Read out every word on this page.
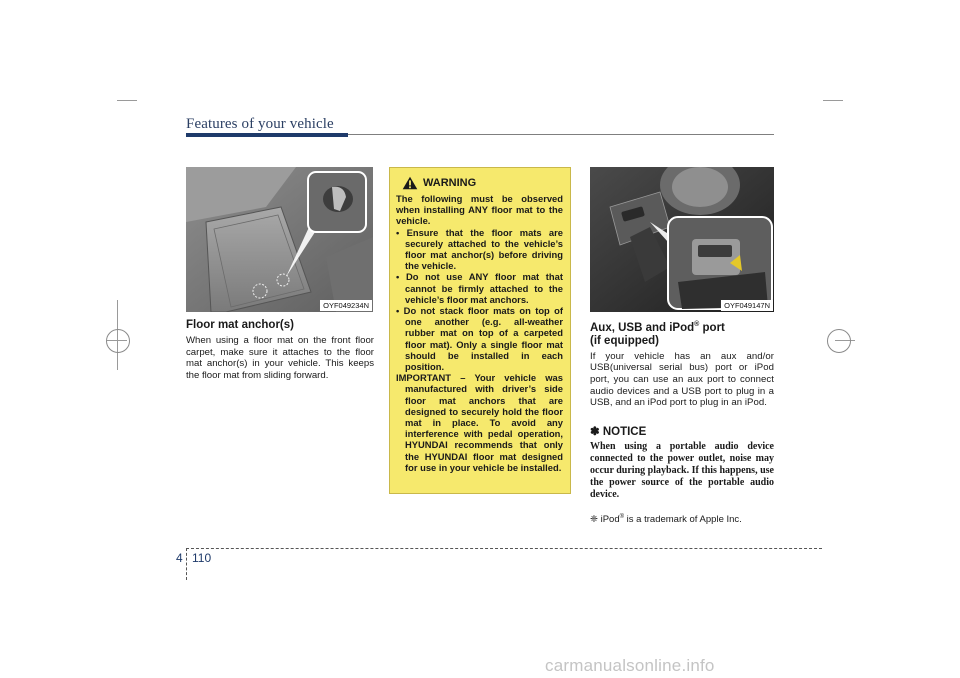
Features of your vehicle
OYF049234N

Floor mat anchor(s)

When using a floor mat on the front floor carpet, make sure it attaches to the floor mat anchor(s) in your vehicle. This keeps the floor mat from sliding forward.

WARNING

The following must be observed when installing ANY floor mat to the vehicle.

• Ensure that the floor mats are securely attached to the vehicle’s floor mat anchor(s) before driving the vehicle.
• Do not use ANY floor mat that cannot be firmly attached to the vehicle’s floor mat anchors.
• Do not stack floor mats on top of one another (e.g. all-weather rubber mat on top of a carpeted floor mat). Only a single floor mat should be installed in each position.

IMPORTANT – Your vehicle was manufactured with driver’s side floor mat anchors that are designed to securely hold the floor mat in place. To avoid any interference with pedal operation, HYUNDAI recommends that only the HYUNDAI floor mat designed for use in your vehicle be installed.

OYF049147N

Aux, USB and iPod® port
(if equipped)

If your vehicle has an aux and/or USB(universal serial bus) port or iPod port, you can use an aux port to connect audio devices and a USB port to plug in a USB, and an iPod port to plug in an iPod.

✽ NOTICE

When using a portable audio device connected to the power outlet, noise may occur during playback. If this happens, use the power source of the portable audio device.

❈ iPod® is a trademark of Apple Inc.

4 110
carmanualsonline.info
